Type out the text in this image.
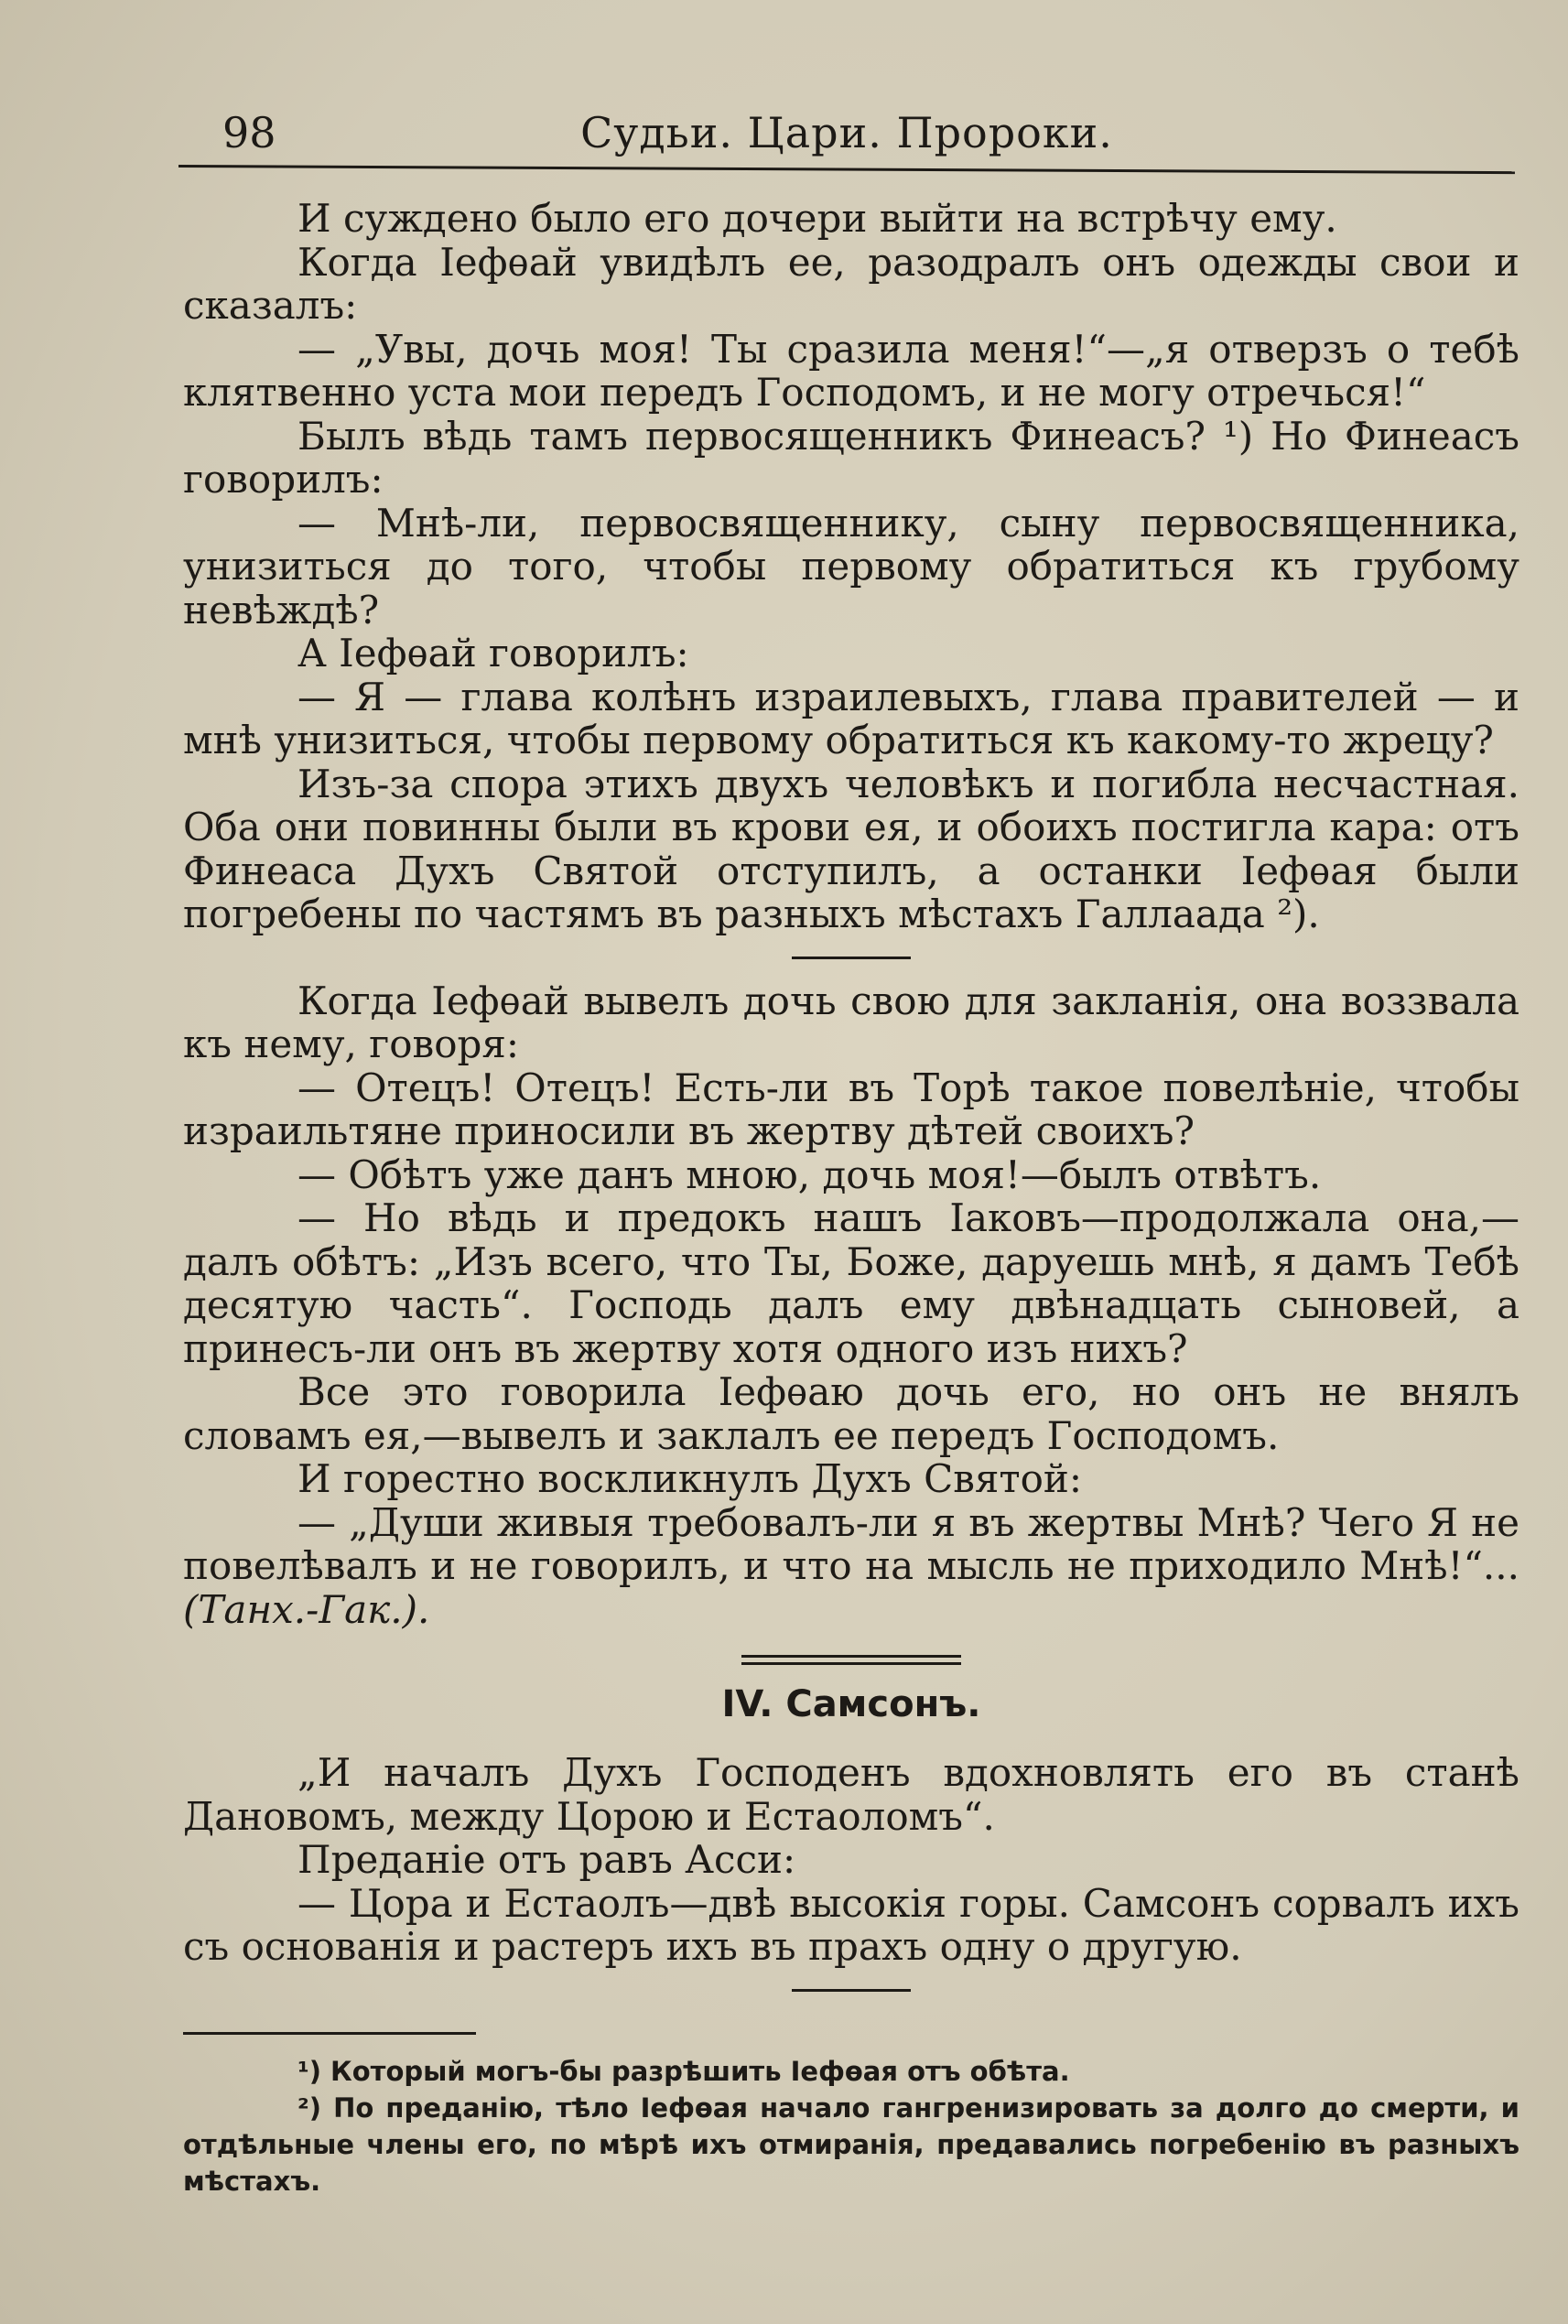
Судьи. Цари. Пророки.
98

И суждено было его дочери выйти на встрѣчу ему.

Когда Іефѳай увидѣлъ ее, разодралъ онъ одежды свои и сказалъ:

— „Увы, дочь моя! Ты сразила меня!“—„я отверзъ о тебѣ клятвенно уста мои передъ Господомъ, и не могу отречься!“

Былъ вѣдь тамъ первосященникъ Финеасъ? ¹) Но Финеасъ говорилъ:

— Мнѣ-ли, первосвященнику, сыну первосвященника, унизиться до того, чтобы первому обратиться къ грубому невѣждѣ?

А Іефѳай говорилъ:

— Я — глава колѣнъ израилевыхъ, глава правителей — и мнѣ унизиться, чтобы первому обратиться къ какому-то жрецу?

Изъ-за спора этихъ двухъ человѣкъ и погибла несчастная. Оба они повинны были въ крови ея, и обоихъ постигла кара: отъ Финеаса Духъ Святой отступилъ, а останки Іефѳая были погребены по частямъ въ разныхъ мѣстахъ Галлаада ²).

Когда Іефѳай вывелъ дочь свою для закланія, она воззвала къ нему, говоря:

— Отецъ! Отецъ! Есть-ли въ Торѣ такое повелѣніе, чтобы израильтяне приносили въ жертву дѣтей своихъ?

— Обѣтъ уже данъ мною, дочь моя!—былъ отвѣтъ.

— Но вѣдь и предокъ нашъ Іаковъ—продолжала она,— далъ обѣтъ: „Изъ всего, что Ты, Боже, даруешь мнѣ, я дамъ Тебѣ десятую часть“. Господь далъ ему двѣнадцать сыновей, а принесъ-ли онъ въ жертву хотя одного изъ нихъ?

Все это говорила Іефѳаю дочь его, но онъ не внялъ словамъ ея,—вывелъ и заклалъ ее передъ Господомъ.

И горестно воскликнулъ Духъ Святой:

— „Души живыя требовалъ-ли я въ жертвы Мнѣ? Чего Я не повелѣвалъ и не говорилъ, и что на мысль не приходило Мнѣ!“... (Танх.-Гак.).

IV. Самсонъ.

„И началъ Духъ Господенъ вдохновлять его въ станѣ Дановомъ, между Цорою и Естаоломъ“.

Преданіе отъ равъ Асси:

— Цора и Естаолъ—двѣ высокія горы. Самсонъ сорвалъ ихъ съ основанія и растеръ ихъ въ прахъ одну о другую.

¹) Который могъ-бы разрѣшить Іефѳая отъ обѣта.

²) По преданію, тѣло Іефѳая начало гангренизировать за долго до смерти, и отдѣльные члены его, по мѣрѣ ихъ отмиранія, предавались погребенію въ разныхъ мѣстахъ.
